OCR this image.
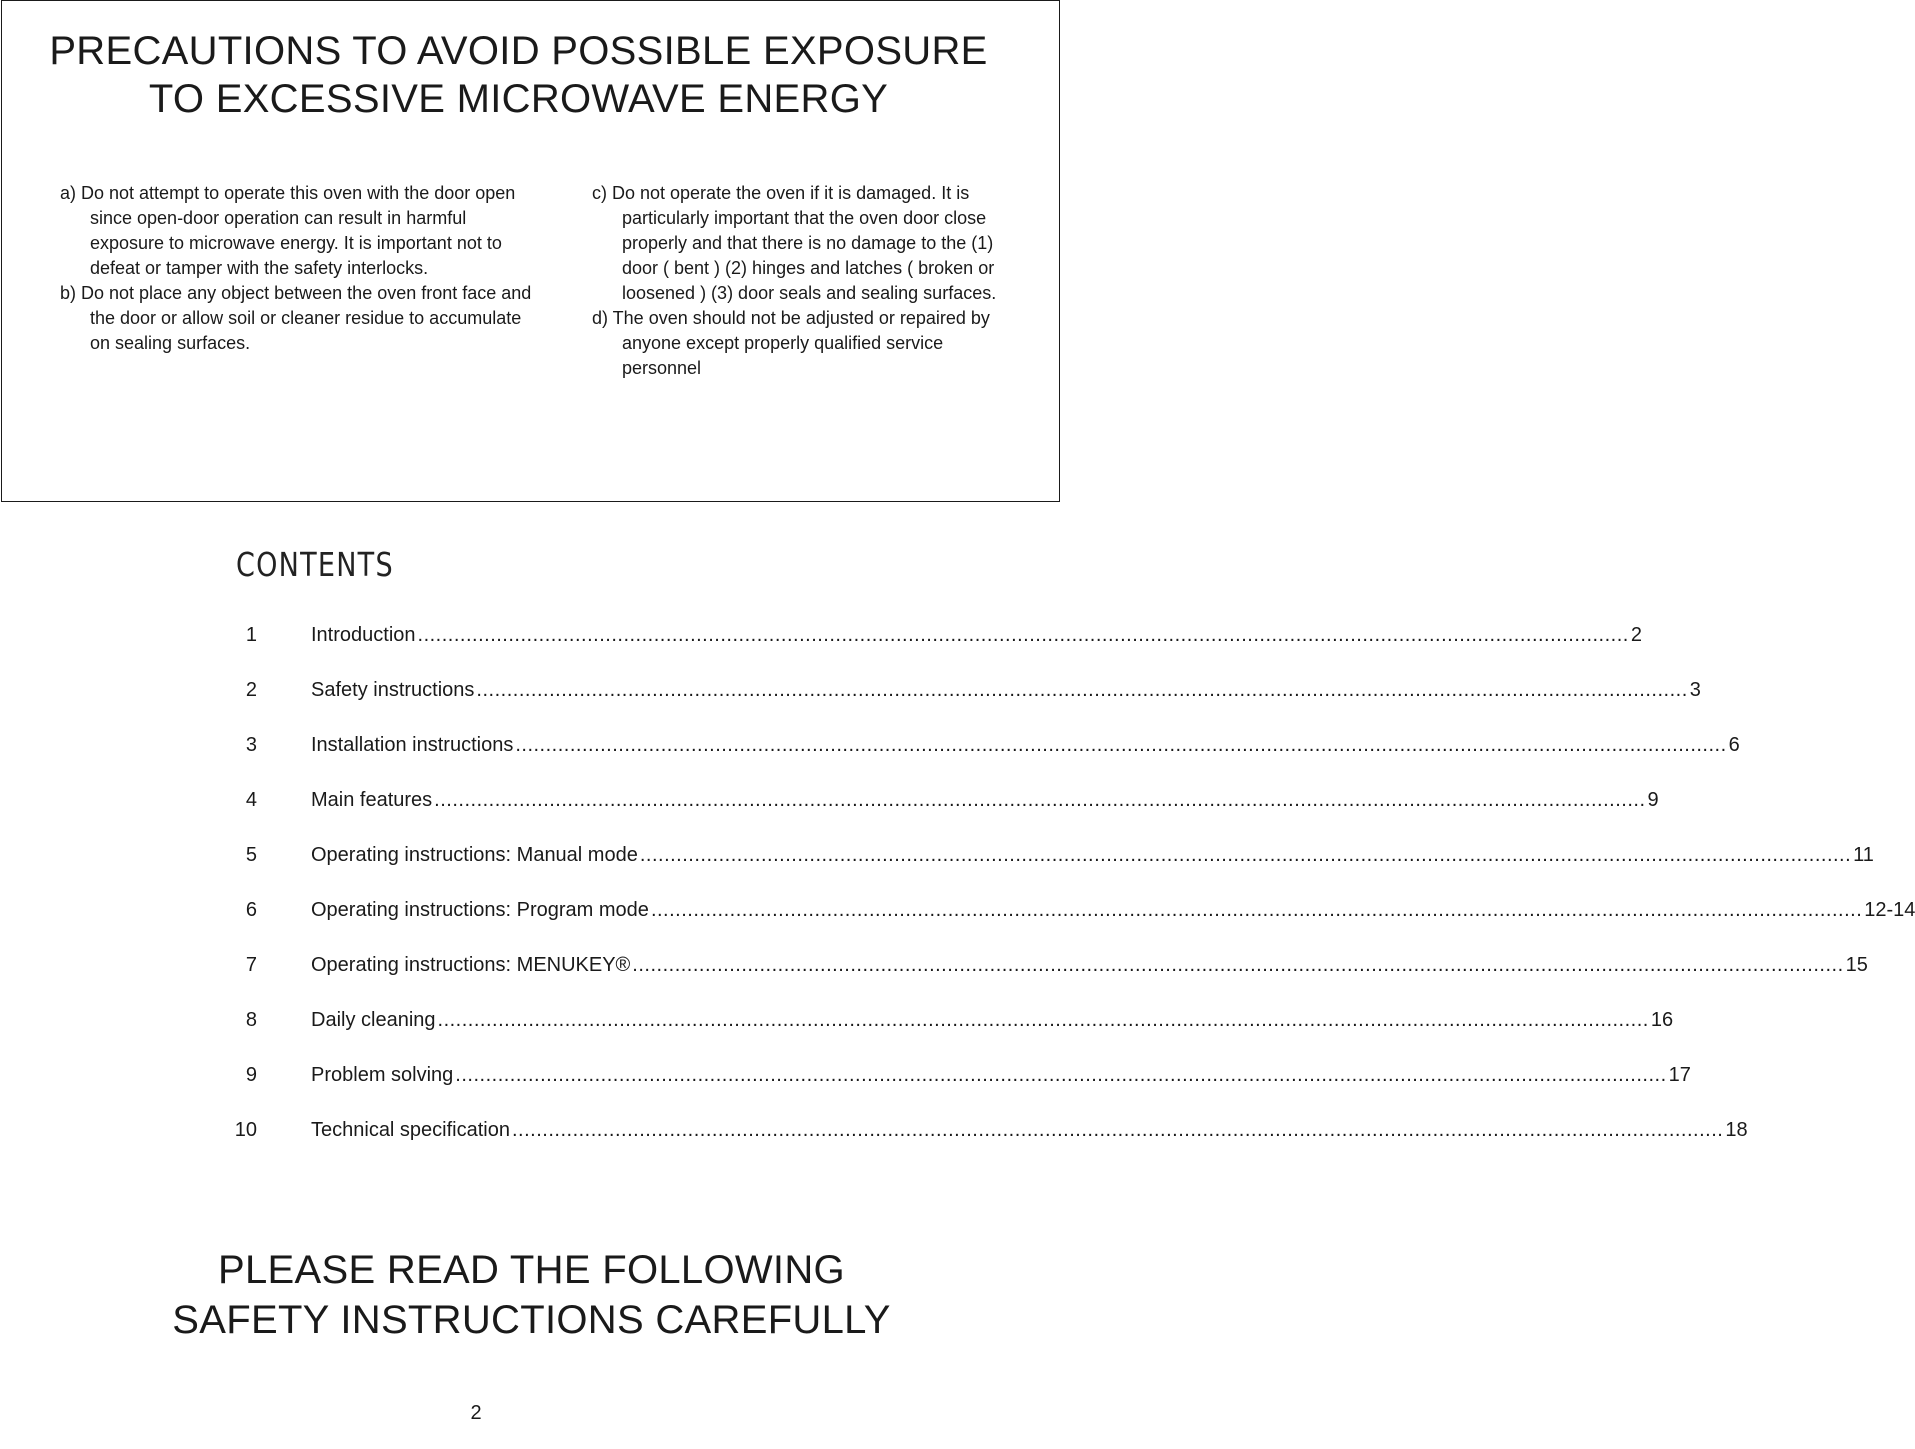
PRECAUTIONS TO AVOID POSSIBLE EXPOSURE
TO EXCESSIVE MICROWAVE ENERGY

a) Do not attempt to operate this oven with the door open since open-door operation can result in harmful exposure to microwave energy. It is important not to defeat or tamper with the safety interlocks.

b) Do not place any object between the oven front face and the door or allow soil or cleaner residue to accumulate on sealing surfaces.

c) Do not operate the oven if it is damaged. It is particularly important that the oven door close properly and that there is no damage to the (1) door ( bent ) (2) hinges and latches ( broken or loosened ) (3) door seals and sealing surfaces.

d) The oven should not be adjusted or repaired by anyone except properly qualified service personnel

CONTENTS
1	Introduction ........................................................................................................................................................................................................ 2
2	Safety instructions ........................................................................................................................................................................................................ 3
3	Installation instructions ........................................................................................................................................................................................................ 6
4	Main features ........................................................................................................................................................................................................ 9
5	Operating instructions: Manual mode ........................................................................................................................................................................................................ 11
6	Operating instructions: Program mode ........................................................................................................................................................................................................ 12-14
7	Operating instructions: MENUKEY® ........................................................................................................................................................................................................ 15
8	Daily cleaning ........................................................................................................................................................................................................ 16
9	Problem solving ........................................................................................................................................................................................................ 17
10	Technical specification ........................................................................................................................................................................................................ 18
PLEASE READ THE FOLLOWING
SAFETY INSTRUCTIONS CAREFULLY
2
